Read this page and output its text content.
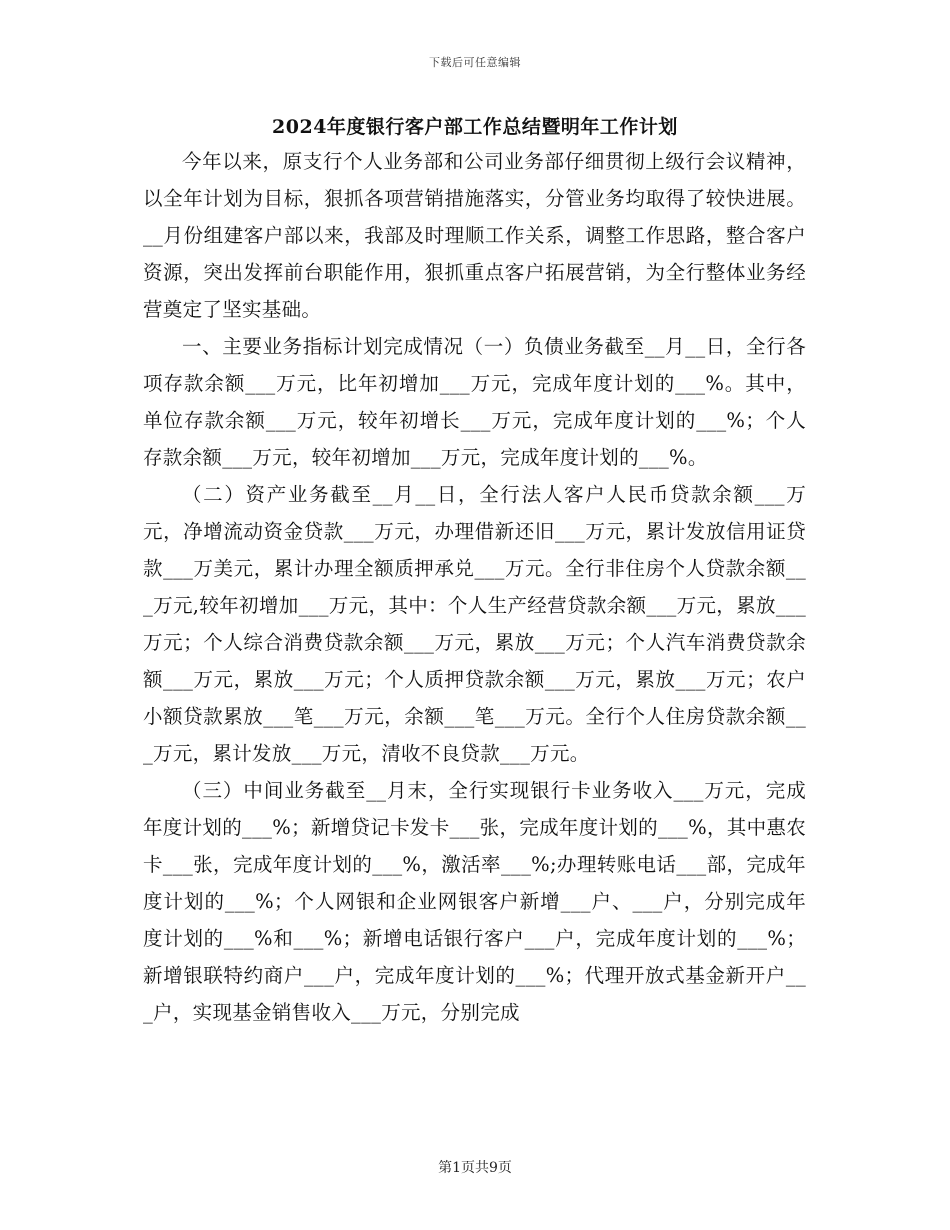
下载后可任意编辑
2024年度银行客户部工作总结暨明年工作计划

今年以来，原支行个人业务部和公司业务部仔细贯彻上级行会议精神，以全年计划为目标，狠抓各项营销措施落实，分管业务均取得了较快进展。__月份组建客户部以来，我部及时理顺工作关系，调整工作思路，整合客户资源，突出发挥前台职能作用，狠抓重点客户拓展营销，为全行整体业务经营奠定了坚实基础。

一、主要业务指标计划完成情况（一）负债业务截至__月__日，全行各项存款余额___万元，比年初增加___万元，完成年度计划的___%。其中，单位存款余额___万元，较年初增长___万元，完成年度计划的___%；个人存款余额___万元，较年初增加___万元，完成年度计划的___%。

（二）资产业务截至__月__日，全行法人客户人民币贷款余额___万元，净增流动资金贷款___万元，办理借新还旧___万元，累计发放信用证贷款___万美元，累计办理全额质押承兑___万元。全行非住房个人贷款余额___万元,较年初增加___万元，其中：个人生产经营贷款余额___万元，累放___万元；个人综合消费贷款余额___万元，累放___万元；个人汽车消费贷款余额___万元，累放___万元；个人质押贷款余额___万元，累放___万元；农户小额贷款累放___笔___万元，余额___笔___万元。全行个人住房贷款余额___万元，累计发放___万元，清收不良贷款___万元。

（三）中间业务截至__月末，全行实现银行卡业务收入___万元，完成年度计划的___%；新增贷记卡发卡___张，完成年度计划的___%，其中惠农卡___张，完成年度计划的___%，激活率___%;办理转账电话___部，完成年度计划的___%；个人网银和企业网银客户新增___户、___户，分别完成年度计划的___%和___%；新增电话银行客户___户，完成年度计划的___%；新增银联特约商户___户，完成年度计划的___%；代理开放式基金新开户___户，实现基金销售收入___万元，分别完成

第1页共9页
